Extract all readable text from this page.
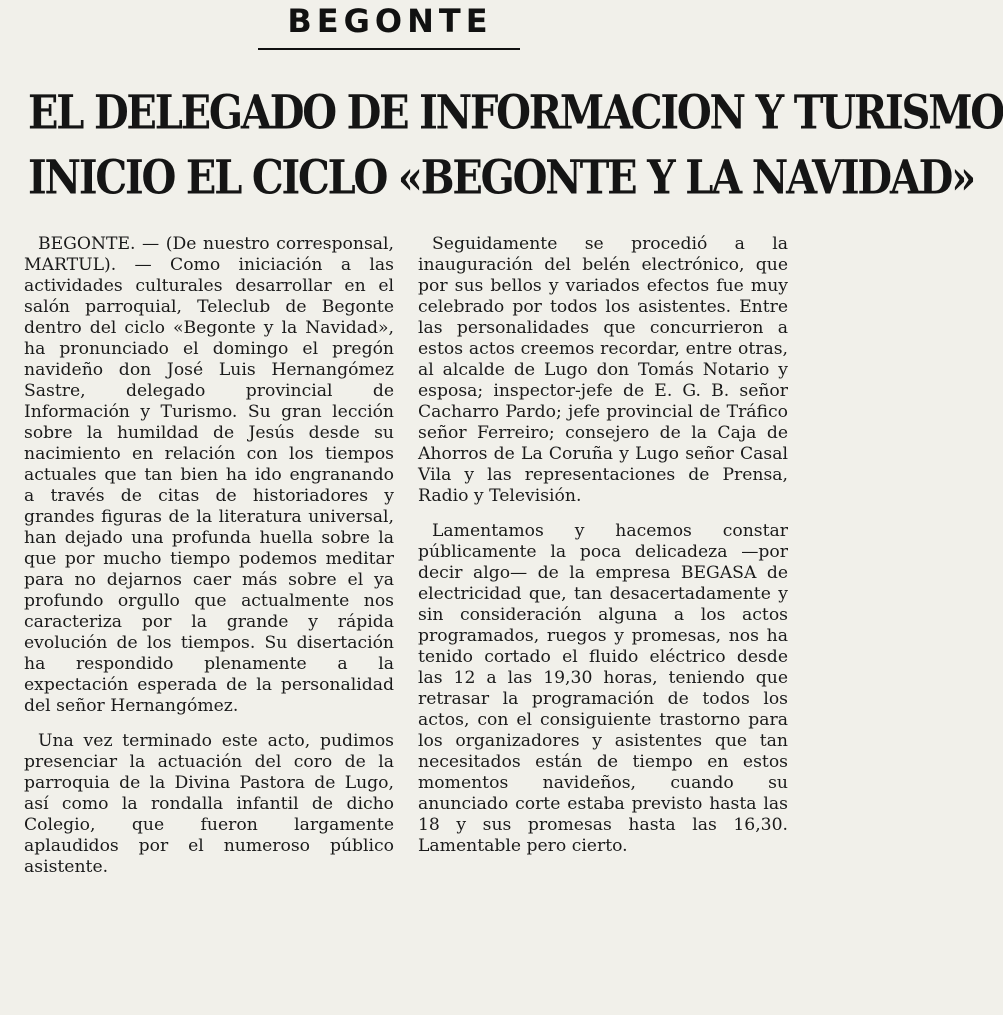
BEGONTE
EL DELEGADO DE INFORMACION Y TURISMO
INICIO EL CICLO «BEGONTE Y LA NAVIDAD»

BEGONTE. — (De nuestro corresponsal, MARTUL). — Como iniciación a las actividades culturales desarrollar en el salón parroquial, Teleclub de Begonte dentro del ciclo «Begonte y la Navidad», ha pronunciado el domingo el pregón navideño don José Luis Hernangómez Sastre, delegado provincial de Información y Turismo. Su gran lección sobre la humildad de Jesús desde su nacimiento en relación con los tiempos actuales que tan bien ha ido engranando a través de citas de historiadores y grandes figuras de la literatura universal, han dejado una profunda huella sobre la que por mucho tiempo podemos meditar para no dejarnos caer más sobre el ya profundo orgullo que actualmente nos caracteriza por la grande y rápida evolución de los tiempos. Su disertación ha respondido plenamente a la expectación esperada de la personalidad del señor Hernangómez.

Una vez terminado este acto, pudimos presenciar la actuación del coro de la parroquia de la Divina Pastora de Lugo, así como la rondalla infantil de dicho Colegio, que fueron largamente aplaudidos por el numeroso público asistente.

Seguidamente se procedió a la inauguración del belén electrónico, que por sus bellos y variados efectos fue muy celebrado por todos los asistentes. Entre las personalidades que concurrieron a estos actos creemos recordar, entre otras, al alcalde de Lugo don Tomás Notario y esposa; inspector-jefe de E. G. B. señor Cacharro Pardo; jefe provincial de Tráfico señor Ferreiro; consejero de la Caja de Ahorros de La Coruña y Lugo señor Casal Vila y las representaciones de Prensa, Radio y Televisión.

Lamentamos y hacemos constar públicamente la poca delicadeza —por decir algo— de la empresa BEGASA de electricidad que, tan desacertadamente y sin consideración alguna a los actos programados, ruegos y promesas, nos ha tenido cortado el fluido eléctrico desde las 12 a las 19,30 horas, teniendo que retrasar la programación de todos los actos, con el consiguiente trastorno para los organizadores y asistentes que tan necesitados están de tiempo en estos momentos navideños, cuando su anunciado corte estaba previsto hasta las 18 y sus promesas hasta las 16,30. Lamentable pero cierto.
